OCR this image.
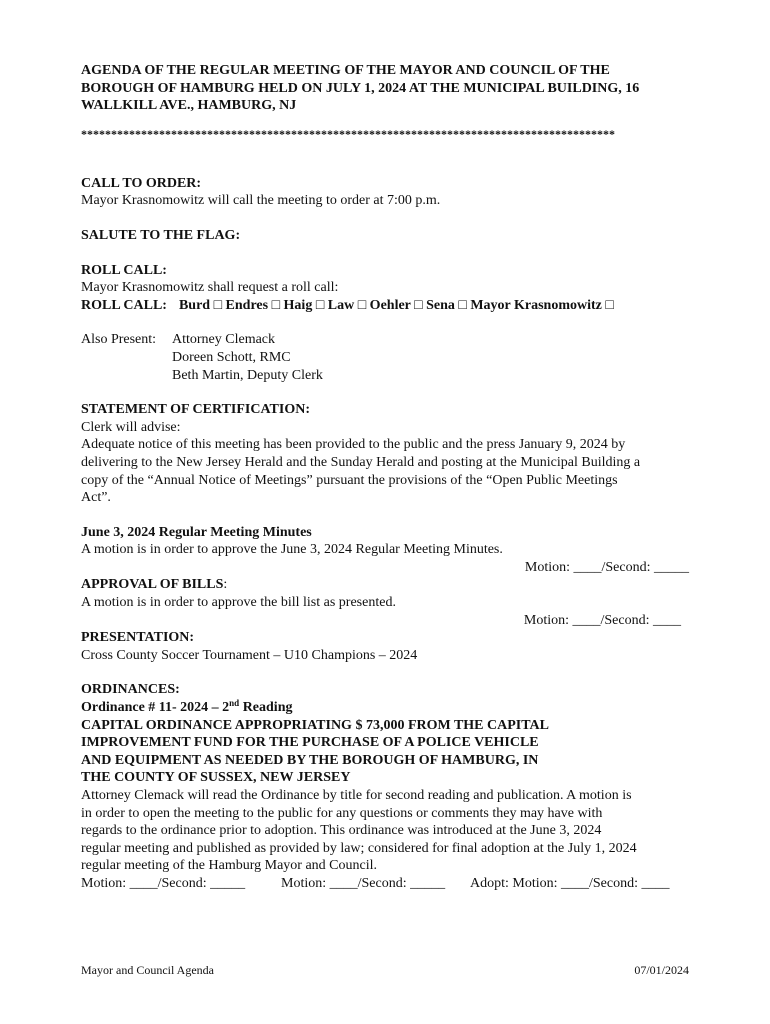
AGENDA OF THE REGULAR MEETING OF THE MAYOR AND COUNCIL OF THE

BOROUGH OF HAMBURG HELD ON JULY 1, 2024 AT THE MUNICIPAL BUILDING, 16

WALLKILL AVE., HAMBURG, NJ

*****************************************************************************************

CALL TO ORDER:

Mayor Krasnomowitz will call the meeting to order at 7:00 p.m.

SALUTE TO THE FLAG:

ROLL CALL:

Mayor Krasnomowitz shall request a roll call:

ROLL CALL: Burd □ Endres □ Haig □ Law □ Oehler □ Sena □ Mayor Krasnomowitz □

Also Present:	Attorney Clemack

Doreen Schott, RMC

Beth Martin, Deputy Clerk

STATEMENT OF CERTIFICATION:

Clerk will advise:

Adequate notice of this meeting has been provided to the public and the press January 9, 2024 by

delivering to the New Jersey Herald and the Sunday Herald and posting at the Municipal Building a

copy of the “Annual Notice of Meetings” pursuant the provisions of the “Open Public Meetings

Act”.

June 3, 2024 Regular Meeting Minutes

A motion is in order to approve the June 3, 2024 Regular Meeting Minutes.

Motion: ____/Second: _____

APPROVAL OF BILLS:

A motion is in order to approve the bill list as presented.

Motion: ____/Second: ____

PRESENTATION:

Cross County Soccer Tournament – U10 Champions – 2024

ORDINANCES:

Ordinance # 11- 2024 – 2nd Reading

CAPITAL ORDINANCE APPROPRIATING $ 73,000 FROM THE CAPITAL

IMPROVEMENT FUND FOR THE PURCHASE OF A POLICE VEHICLE

AND EQUIPMENT AS NEEDED BY THE BOROUGH OF HAMBURG, IN

THE COUNTY OF SUSSEX, NEW JERSEY

Attorney Clemack will read the Ordinance by title for second reading and publication. A motion is

in order to open the meeting to the public for any questions or comments they may have with

regards to the ordinance prior to adoption. This ordinance was introduced at the June 3, 2024

regular meeting and published as provided by law; considered for final adoption at the July 1, 2024

regular meeting of the Hamburg Mayor and Council.

Motion: ____/Second: _____	Motion: ____/Second: _____ Adopt: Motion: ____/Second: ____

Mayor and Council Agenda	07/01/2024
